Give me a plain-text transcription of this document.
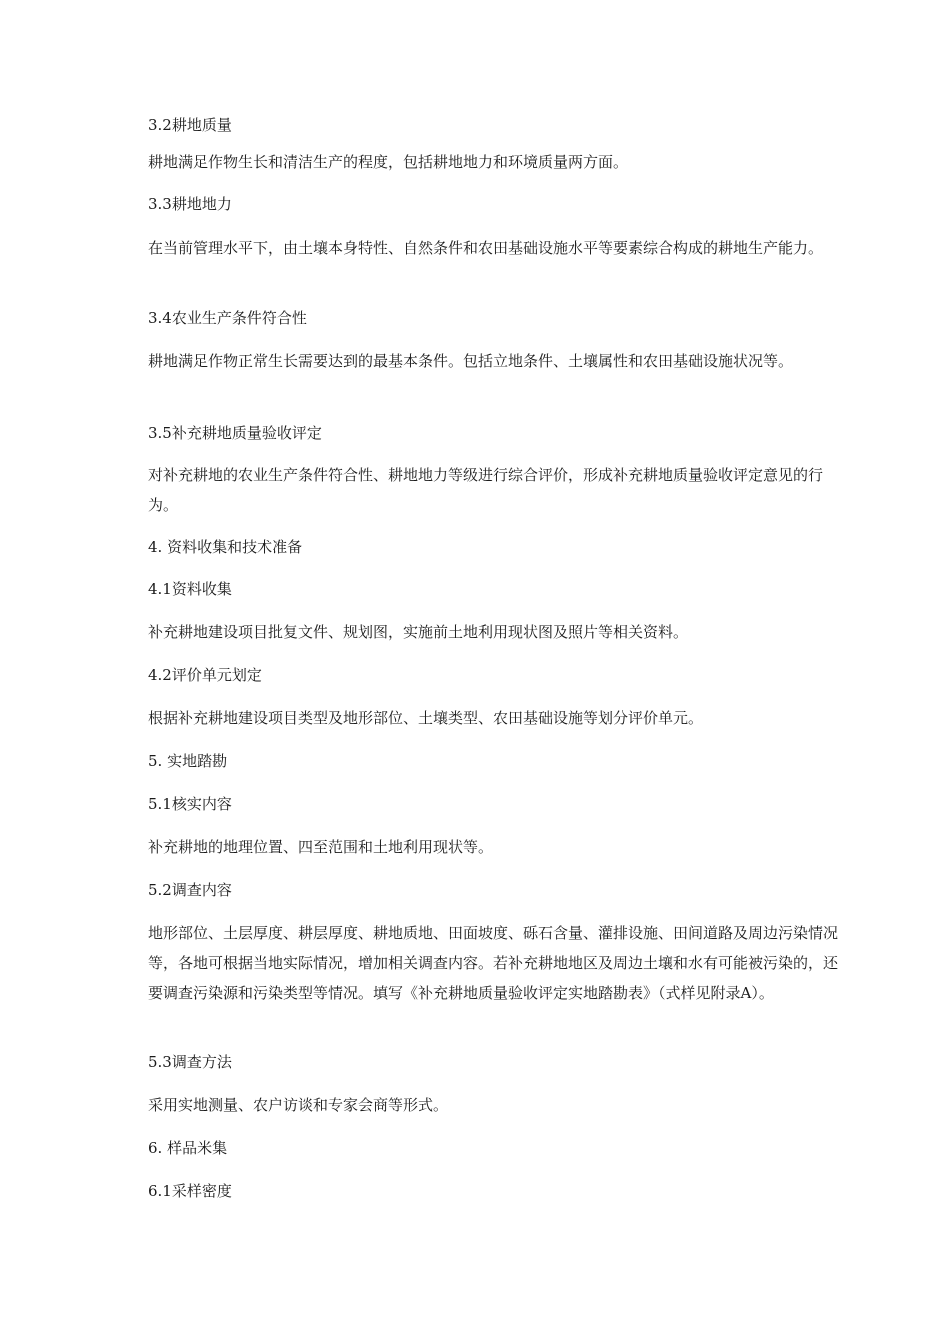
3.2耕地质量
耕地满足作物生长和清洁生产的程度，包括耕地地力和环境质量两方面。
3.3耕地地力
在当前管理水平下，由土壤本身特性、自然条件和农田基础设施水平等要素综合构成的耕地生产能力。
3.4农业生产条件符合性
耕地满足作物正常生长需要达到的最基本条件。包括立地条件、土壤属性和农田基础设施状况等。
3.5补充耕地质量验收评定
对补充耕地的农业生产条件符合性、耕地地力等级进行综合评价，形成补充耕地质量验收评定意见的行为。
4. 资料收集和技术准备
4.1资料收集
补充耕地建设项目批复文件、规划图，实施前土地利用现状图及照片等相关资料。
4.2评价单元划定
根据补充耕地建设项目类型及地形部位、土壤类型、农田基础设施等划分评价单元。
5. 实地踏勘
5.1核实内容
补充耕地的地理位置、四至范围和土地利用现状等。
5.2调查内容
地形部位、土层厚度、耕层厚度、耕地质地、田面坡度、砾石含量、灌排设施、田间道路及周边污染情况等，各地可根据当地实际情况，增加相关调查内容。若补充耕地地区及周边土壤和水有可能被污染的，还要调查污染源和污染类型等情况。填写《补充耕地质量验收评定实地踏勘表》（式样见附录A）。
5.3调查方法
采用实地测量、农户访谈和专家会商等形式。
6. 样品米集
6.1采样密度
